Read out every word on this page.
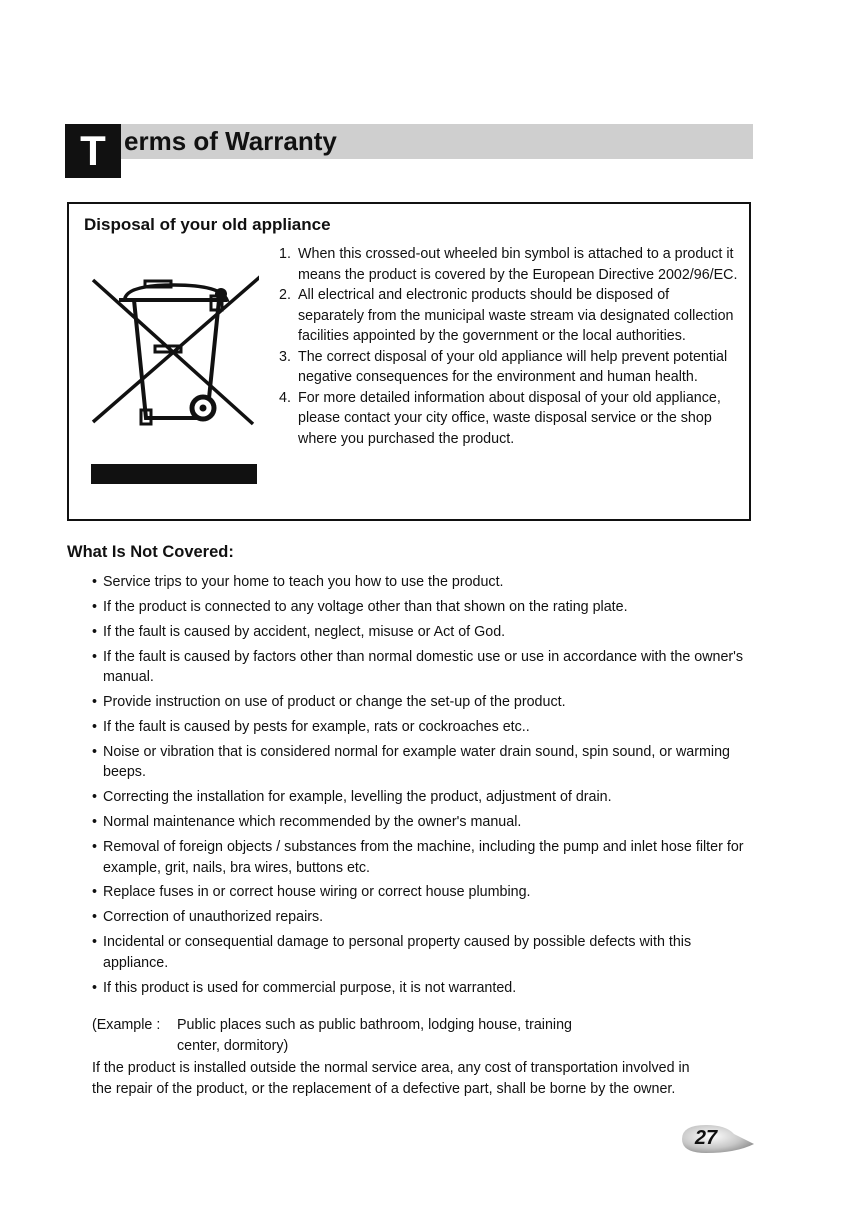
T erms of Warranty
Disposal of your old appliance
1. When this crossed-out wheeled bin symbol is attached to a product it means the product is covered by the European Directive 2002/96/EC.
2. All electrical and electronic products should be disposed of separately from the municipal waste stream via designated collection facilities appointed by the government or the local authorities.
3. The correct disposal of your old appliance will help prevent potential negative consequences for the environment and human health.
4. For more detailed information about disposal of your old appliance, please contact your city office, waste disposal service or the shop where you purchased the product.
What Is Not Covered:
• Service trips to your home to teach you how to use the product.
• If the product is connected to any voltage other than that shown on the rating plate.
• If the fault is caused by accident, neglect, misuse or Act of God.
• If the fault is caused by factors other than normal domestic use or use in accordance with the owner's manual.
• Provide instruction on use of product or change the set-up of the product.
• If the fault is caused by pests for example, rats or cockroaches etc..
• Noise or vibration that is considered normal for example water drain sound, spin sound, or warming beeps.
• Correcting the installation for example, levelling the product, adjustment of drain.
• Normal maintenance which recommended by the owner's manual.
• Removal of foreign objects / substances from the machine, including the pump and inlet hose filter for example, grit, nails, bra wires, buttons etc.
• Replace fuses in or correct house wiring or correct house plumbing.
• Correction of unauthorized repairs.
• Incidental or consequential damage to personal property caused by possible defects with this appliance.
• If this product is used for commercial purpose, it is not warranted.
(Example : Public places such as public bathroom, lodging house, training
center, dormitory)
If the product is installed outside the normal service area, any cost of transportation involved in the repair of the product, or the replacement of a defective part, shall be borne by the owner.
27
